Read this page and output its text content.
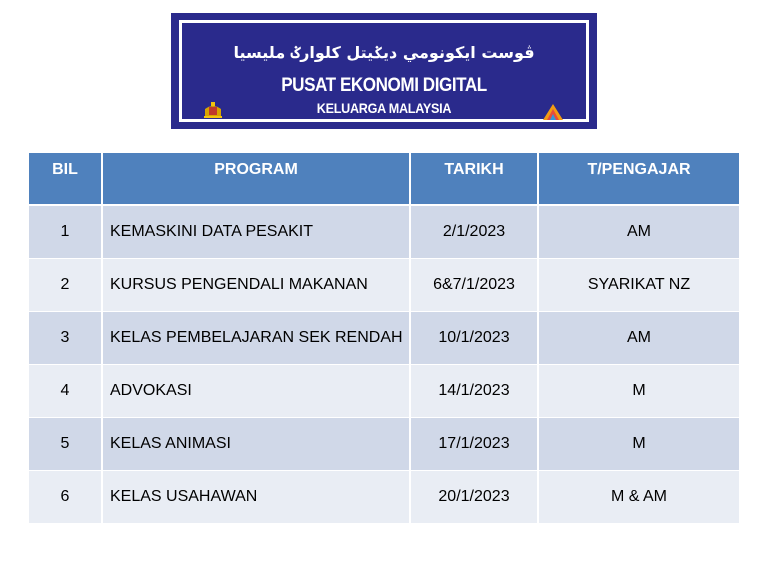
ڤوست ايکونومي ديݢيتل کلوارݢ مليسيا
PUSAT EKONOMI DIGITAL
KELUARGA MALAYSIA
BIL	PROGRAM	TARIKH	T/PENGAJAR
1	KEMASKINI DATA PESAKIT	2/1/2023	AM
2	KURSUS PENGENDALI MAKANAN	6&7/1/2023	SYARIKAT NZ
3	KELAS PEMBELAJARAN SEK RENDAH	10/1/2023	AM
4	ADVOKASI	14/1/2023	M
5	KELAS ANIMASI	17/1/2023	M
6	KELAS USAHAWAN	20/1/2023	M & AM
